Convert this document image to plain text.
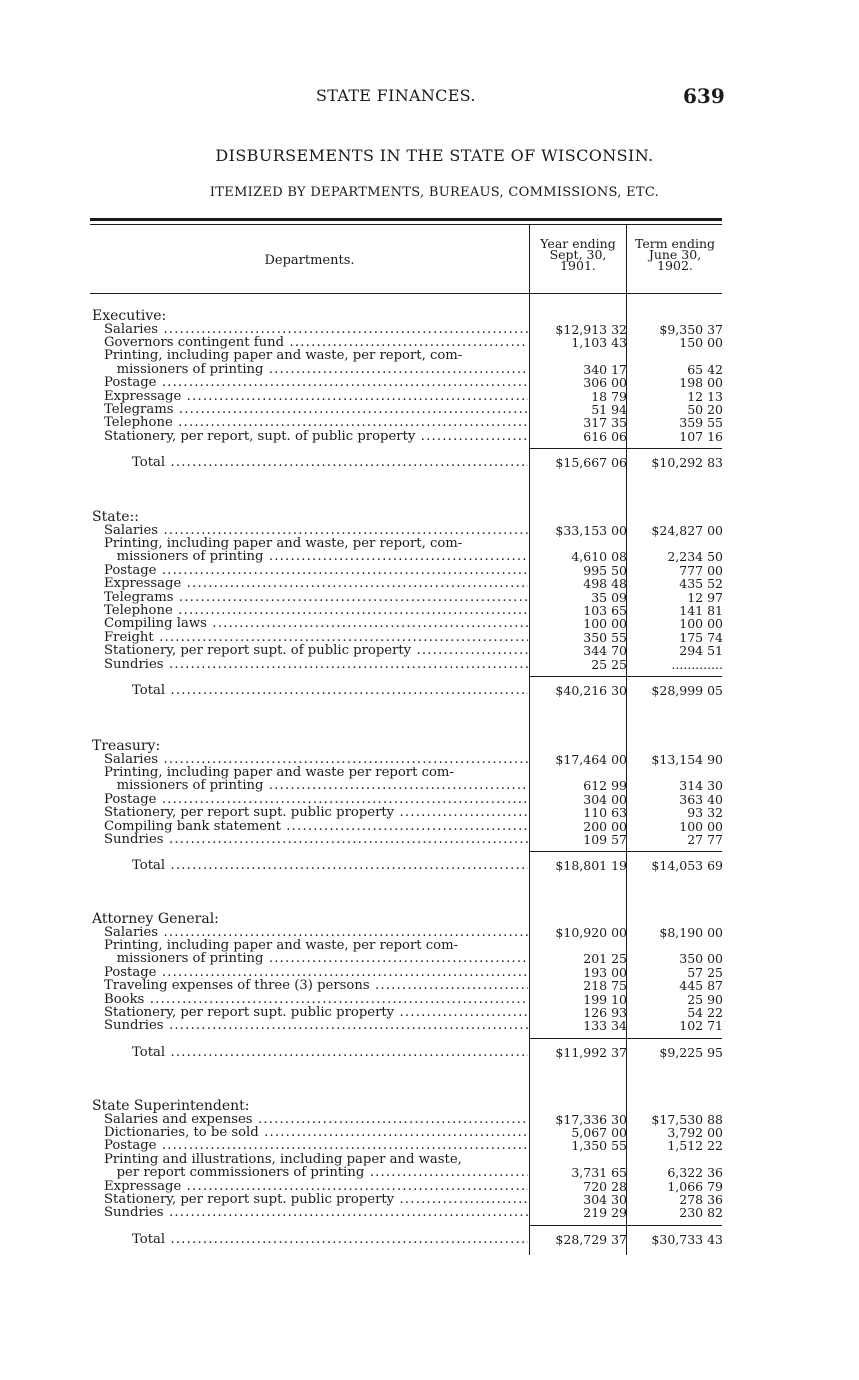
STATE FINANCES.	639
DISBURSEMENTS IN THE STATE OF WISCONSIN.
ITEMIZED BY DEPARTMENTS, BUREAUS, COMMISSIONS, ETC.
Departments.
Year ending
Sept, 30,
1901.
Term ending
June 30,
1902.
Executive:
Salaries .....	$12,913 32	$9,350 37
Governors contingent fund .....	1,103 43	150 00
Printing, including paper and waste, per report, com-
missioners of printing .....	340 17	65 42
Postage .....	306 00	198 00
Expressage .....	18 79	12 13
Telegrams .....	51 94	50 20
Telephone .....	317 35	359 55
Stationery, per report, supt. of public property .....	616 06	107 16
Total .....	$15,667 06	$10,292 83
State::
Salaries .....	$33,153 00	$24,827 00
Printing, including paper and waste, per report, com-
missioners of printing .....	4,610 08	2,234 50
Postage .....	995 50	777 00
Expressage .....	498 48	435 52
Telegrams .....	35 09	12 97
Telephone .....	103 65	141 81
Compiling laws .....	100 00	100 00
Freight .....	350 55	175 74
Stationery, per report supt. of public property .....	344 70	294 51
Sundries .....	25 25	.............
Total .....	$40,216 30	$28,999 05
Treasury:
Salaries .....	$17,464 00	$13,154 90
Printing, including paper and waste per report com-
missioners of printing .....	612 99	314 30
Postage .....	304 00	363 40
Stationery, per report supt. public property .....	110 63	93 32
Compiling bank statement .....	200 00	100 00
Sundries .....	109 57	27 77
Total .....	$18,801 19	$14,053 69
Attorney General:
Salaries .....	$10,920 00	$8,190 00
Printing, including paper and waste, per report com-
missioners of printing .....	201 25	350 00
Postage .....	193 00	57 25
Traveling expenses of three (3) persons .....	218 75	445 87
Books .....	199 10	25 90
Stationery, per report supt. public property .....	126 93	54 22
Sundries .....	133 34	102 71
Total .....	$11,992 37	$9,225 95
State Superintendent:
Salaries and expenses .....	$17,336 30	$17,530 88
Dictionaries, to be sold .....	5,067 00	3,792 00
Postage .....	1,350 55	1,512 22
Printing and illustrations, including paper and waste,
per report commissioners of printing .....	3,731 65	6,322 36
Expressage .....	720 28	1,066 79
Stationery, per report supt. public property .....	304 30	278 36
Sundries .....	219 29	230 82
Total .....	$28,729 37	$30,733 43
